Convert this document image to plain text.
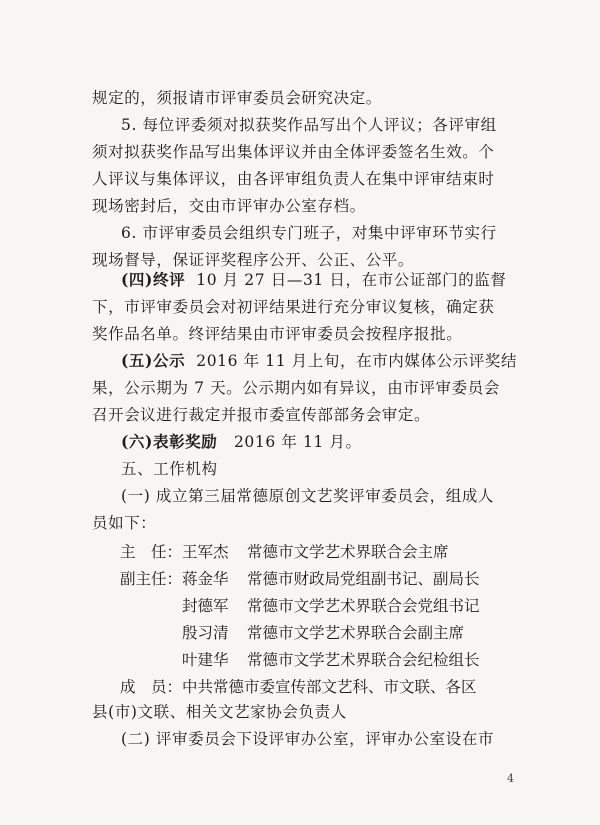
规定的，须报请市评审委员会研究决定。
5. 每位评委须对拟获奖作品写出个人评议；各评审组
须对拟获奖作品写出集体评议并由全体评委签名生效。个
人评议与集体评议，由各评审组负责人在集中评审结束时
现场密封后，交由市评审办公室存档。
6. 市评审委员会组织专门班子，对集中评审环节实行
现场督导，保证评奖程序公开、公正、公平。
(四)终评 10 月 27 日—31 日，在市公证部门的监督
下，市评审委员会对初评结果进行充分审议复核，确定获
奖作品名单。终评结果由市评审委员会按程序报批。
(五)公示 2016 年 11 月上旬，在市内媒体公示评奖结
果，公示期为 7 天。公示期内如有异议，由市评审委员会
召开会议进行裁定并报市委宣传部部务会审定。
(六)表彰奖励 2016 年 11 月。
五、工作机构
(一) 成立第三届常德原创文艺奖评审委员会，组成人
员如下：
主　任： 王军杰 常德市文学艺术界联合会主席
副主任： 蒋金华 常德市财政局党组副书记、副局长
封德军 常德市文学艺术界联合会党组书记
殷习清 常德市文学艺术界联合会副主席
叶建华 常德市文学艺术界联合会纪检组长
成　员： 中共常德市委宣传部文艺科、市文联、各区
县(市)文联、相关文艺家协会负责人
(二) 评审委员会下设评审办公室，评审办公室设在市
4
